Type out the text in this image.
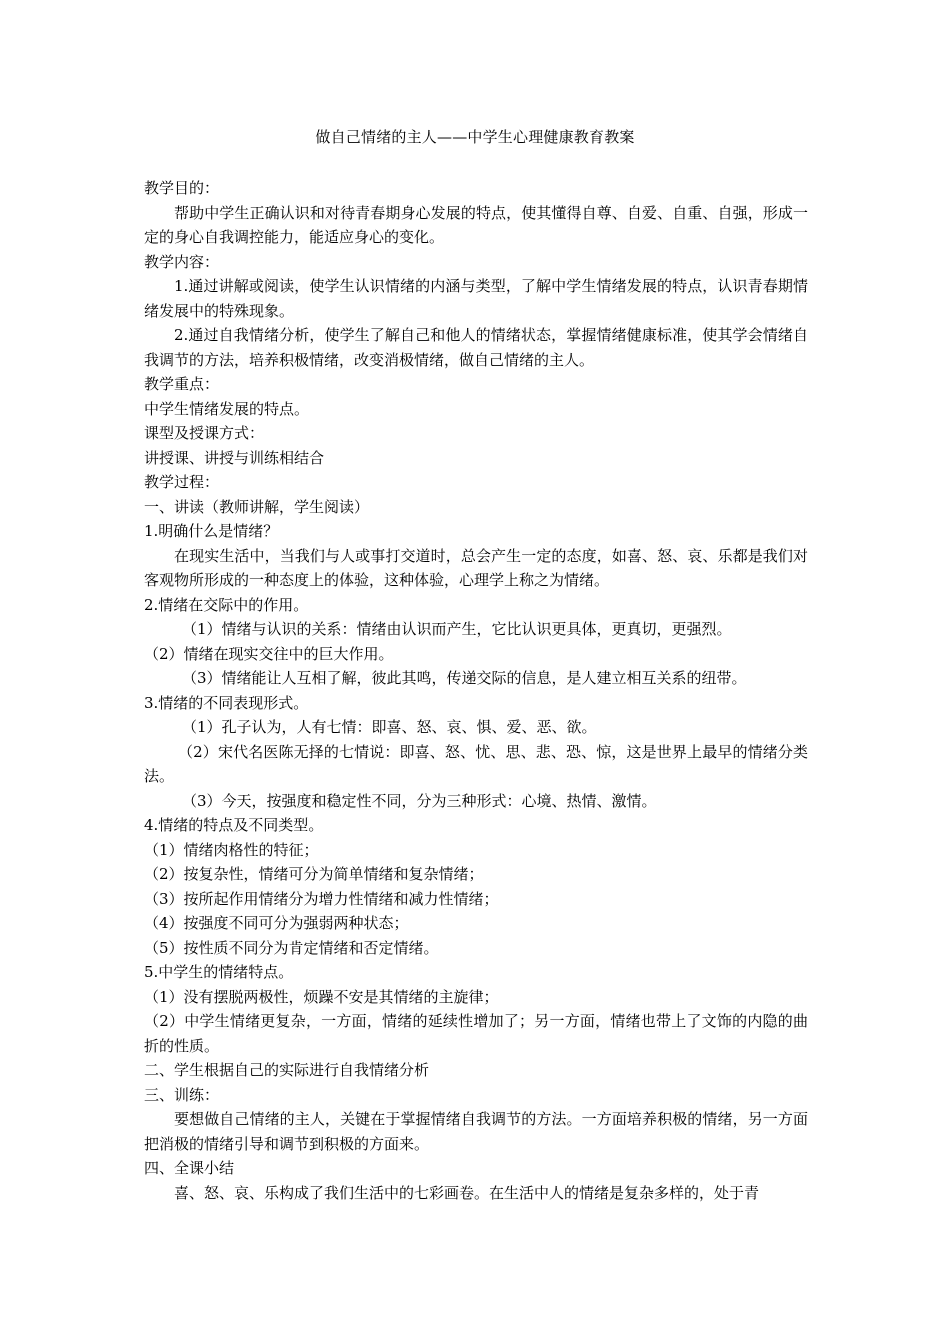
做自己情绪的主人——中学生心理健康教育教案

教学目的：

帮助中学生正确认识和对待青春期身心发展的特点，使其懂得自尊、自爱、自重、自强，形成一定的身心自我调控能力，能适应身心的变化。

教学内容：

1.通过讲解或阅读，使学生认识情绪的内涵与类型，了解中学生情绪发展的特点，认识青春期情绪发展中的特殊现象。

2.通过自我情绪分析，使学生了解自己和他人的情绪状态，掌握情绪健康标准，使其学会情绪自我调节的方法，培养积极情绪，改变消极情绪，做自己情绪的主人。

教学重点：

中学生情绪发展的特点。

课型及授课方式：

讲授课、讲授与训练相结合

教学过程：

一、讲读（教师讲解，学生阅读）

1.明确什么是情绪？

在现实生活中，当我们与人或事打交道时，总会产生一定的态度，如喜、怒、哀、乐都是我们对客观物所形成的一种态度上的体验，这种体验，心理学上称之为情绪。

2.情绪在交际中的作用。

（1）情绪与认识的关系：情绪由认识而产生，它比认识更具体，更真切，更强烈。

（2）情绪在现实交往中的巨大作用。

（3）情绪能让人互相了解，彼此其鸣，传递交际的信息，是人建立相互关系的纽带。

3.情绪的不同表现形式。

（1）孔子认为，人有七情：即喜、怒、哀、惧、爱、恶、欲。

（2）宋代名医陈无择的七情说：即喜、怒、忧、思、悲、恐、惊，这是世界上最早的情绪分类法。

（3）今天，按强度和稳定性不同，分为三种形式：心境、热情、激情。

4.情绪的特点及不同类型。

（1）情绪肉格性的特征；

（2）按复杂性，情绪可分为简单情绪和复杂情绪；

（3）按所起作用情绪分为增力性情绪和减力性情绪；

（4）按强度不同可分为强弱两种状态；

（5）按性质不同分为肯定情绪和否定情绪。

5.中学生的情绪特点。

（1）没有摆脱两极性，烦躁不安是其情绪的主旋律；

（2）中学生情绪更复杂，一方面，情绪的延续性增加了；另一方面，情绪也带上了文饰的内隐的曲折的性质。

二、学生根据自己的实际进行自我情绪分析

三、训练：

要想做自己情绪的主人，关键在于掌握情绪自我调节的方法。一方面培养积极的情绪，另一方面把消极的情绪引导和调节到积极的方面来。

四、全课小结

喜、怒、哀、乐构成了我们生活中的七彩画卷。在生活中人的情绪是复杂多样的，处于青
